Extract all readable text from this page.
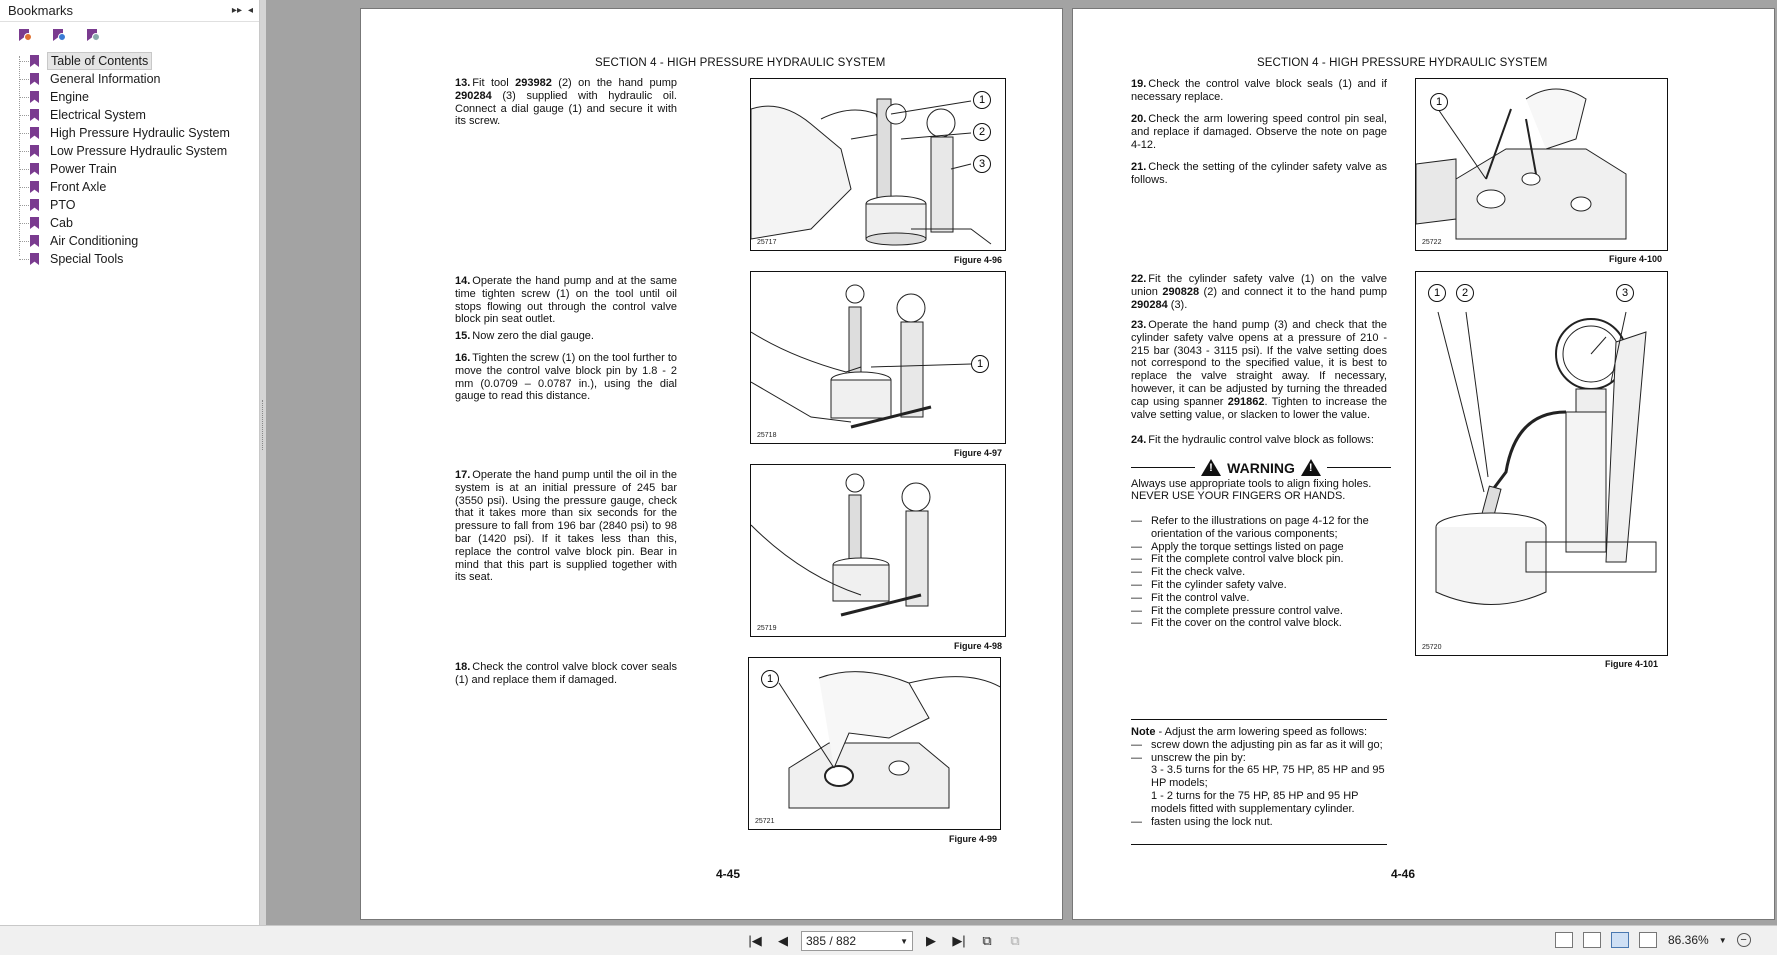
Bookmarks	▸▸ ◂
Table of Contents
General Information
Engine
Electrical System
High Pressure Hydraulic System
Low Pressure Hydraulic System
Power Train
Front Axle
PTO
Cab
Air Conditioning
Special Tools
SECTION 4 - HIGH PRESSURE HYDRAULIC SYSTEM
13. Fit tool 293982 (2) on the hand pump 290284 (3) supplied with hydraulic oil. Connect a dial gauge (1) and secure it with its screw.
1
2
3
25717
Figure 4-96
14. Operate the hand pump and at the same time tighten screw (1) on the tool until oil stops flowing out through the control valve block pin seat outlet.
15. Now zero the dial gauge.
16. Tighten the screw (1) on the tool further to move the control valve block pin by 1.8 - 2 mm (0.0709 – 0.0787 in.), using the dial gauge to read this distance.
1
25718
Figure 4-97
17. Operate the hand pump until the oil in the system is at an initial pressure of 245 bar (3550 psi). Using the pressure gauge, check that it takes more than six seconds for the pressure to fall from 196 bar (2840 psi) to 98 bar (1420 psi). If it takes less than this, replace the control valve block pin. Bear in mind that this part is supplied together with its seat.
25719
Figure 4-98
18. Check the control valve block cover seals (1) and replace them if damaged.	1
25721
Figure 4-99
4-45
SECTION 4 - HIGH PRESSURE HYDRAULIC SYSTEM
19. Check the control valve block seals (1) and if necessary replace.
20. Check the arm lowering speed control pin seal, and replace if damaged. Observe the note on page 4-12.
21. Check the setting of the cylinder safety valve as follows.
1
25722
Figure 4-100
22. Fit the cylinder safety valve (1) on the valve union 290828 (2) and connect it to the hand pump 290284 (3).
23. Operate the hand pump (3) and check that the cylinder safety valve opens at a pressure of 210 - 215 bar (3043 - 3115 psi). If the valve setting does not correspond to the specified value, it is best to replace the valve straight away. If necessary, however, it can be adjusted by turning the threaded cap using spanner 291862. Tighten to increase the valve setting value, or slacken to lower the value.
24. Fit the hydraulic control valve block as follows:
!
WARNING
!
Always use appropriate tools to align fixing holes.
NEVER USE YOUR FINGERS OR HANDS.
— Refer to the illustrations on page 4-12 for the orientation of the various components;
— Apply the torque settings listed on page
— Fit the complete control valve block pin.
— Fit the check valve.
— Fit the cylinder safety valve.
— Fit the control valve.
— Fit the complete pressure control valve.
— Fit the cover on the control valve block.
1	2	3
25720
Figure 4-101
Note - Adjust the arm lowering speed as follows:
— screw down the adjusting pin as far as it will go;
— unscrew the pin by:
3 - 3.5 turns for the 65 HP, 75 HP, 85 HP and 95 HP models;
1 - 2 turns for the 75 HP, 85 HP and 95 HP models fitted with supplementary cylinder.
— fasten using the lock nut.
4-46
|◀	◀	385 / 882	▼	▶	▶|	⧉	⧉	86.36% ▼	−
